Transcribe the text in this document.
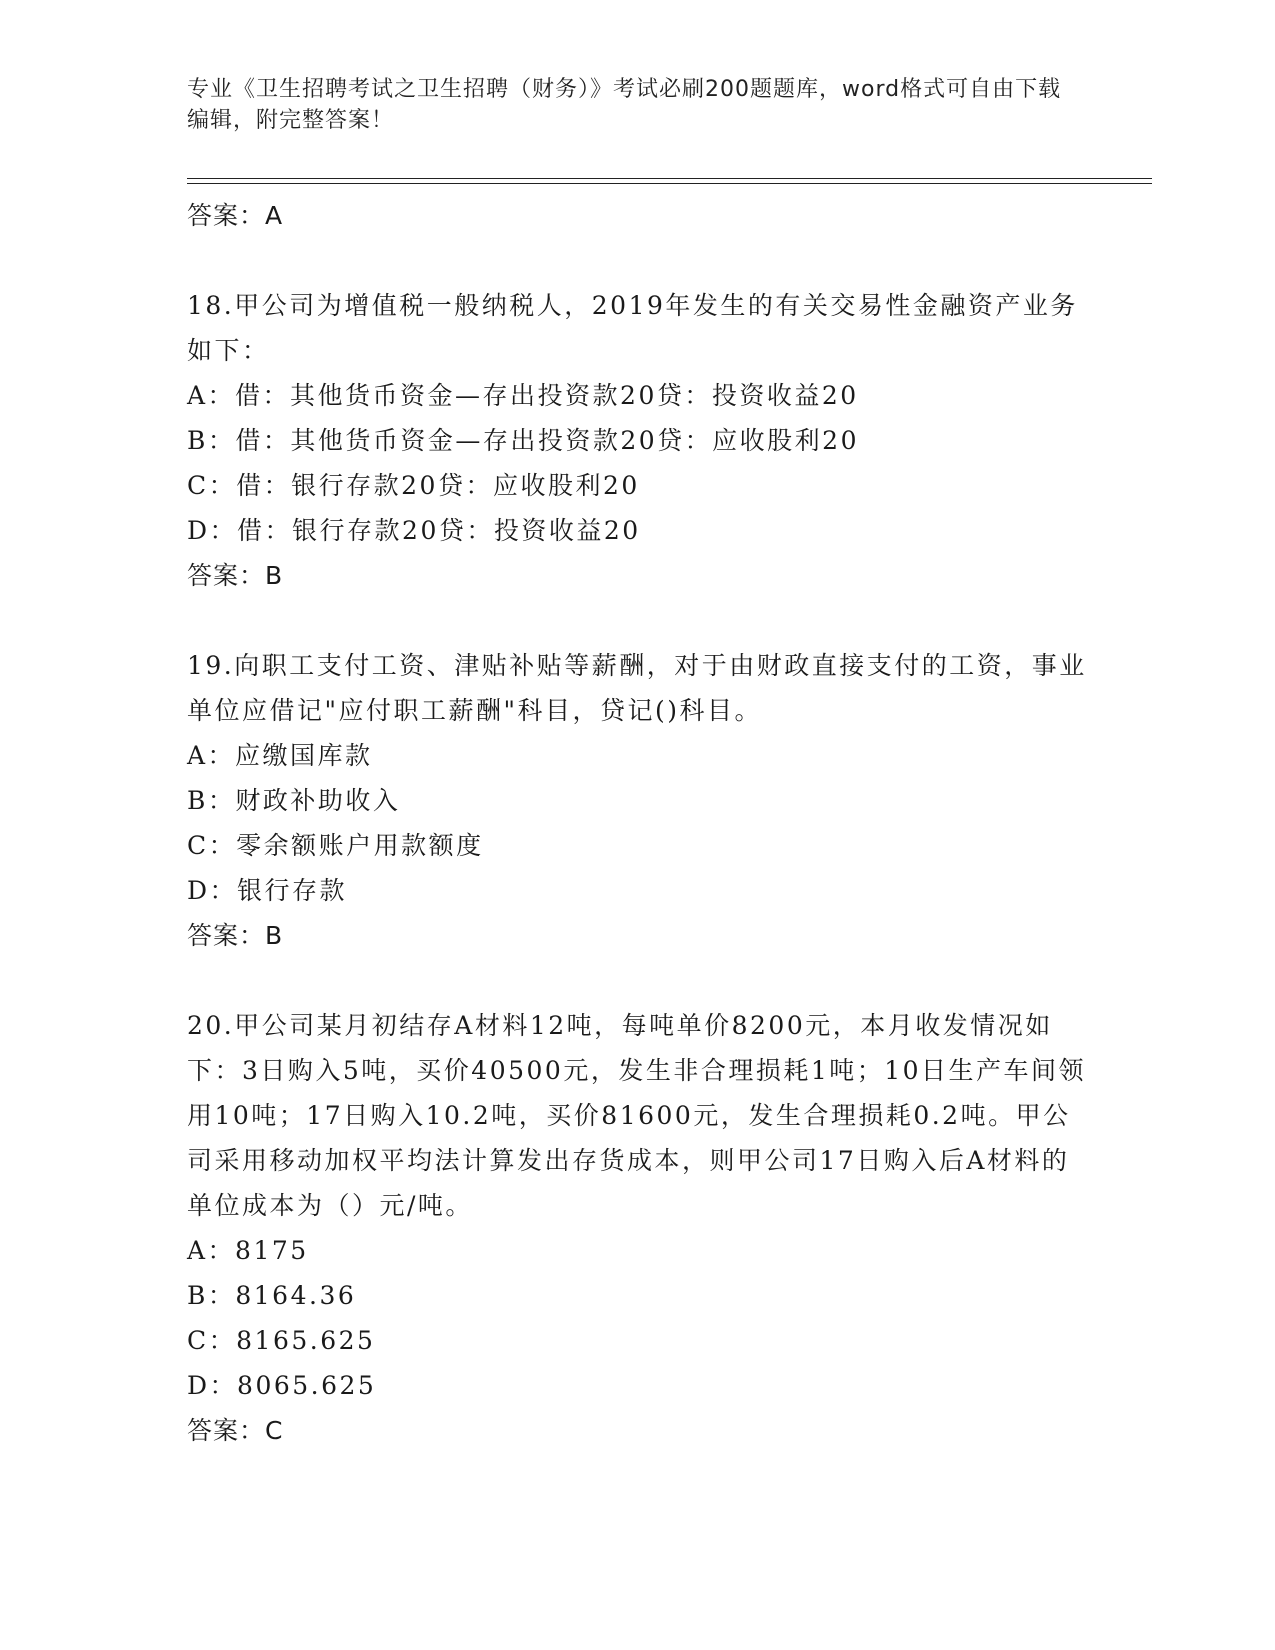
专业《卫生招聘考试之卫生招聘（财务）》考试必刷200题题库，word格式可自由下载编辑，附完整答案！
答案：A
18.甲公司为增值税一般纳税人，2019年发生的有关交易性金融资产业务如下：
A：借：其他货币资金—存出投资款20贷：投资收益20
B：借：其他货币资金—存出投资款20贷：应收股利20
C：借：银行存款20贷：应收股利20
D：借：银行存款20贷：投资收益20
答案：B
19.向职工支付工资、津贴补贴等薪酬，对于由财政直接支付的工资，事业单位应借记"应付职工薪酬"科目，贷记()科目。
A：应缴国库款
B：财政补助收入
C：零余额账户用款额度
D：银行存款
答案：B
20.甲公司某月初结存A材料12吨，每吨单价8200元，本月收发情况如下：3日购入5吨，买价40500元，发生非合理损耗1吨；10日生产车间领用10吨；17日购入10.2吨，买价81600元，发生合理损耗0.2吨。甲公司采用移动加权平均法计算发出存货成本，则甲公司17日购入后A材料的单位成本为（）元/吨。
A：8175
B：8164.36
C：8165.625
D：8065.625
答案：C
